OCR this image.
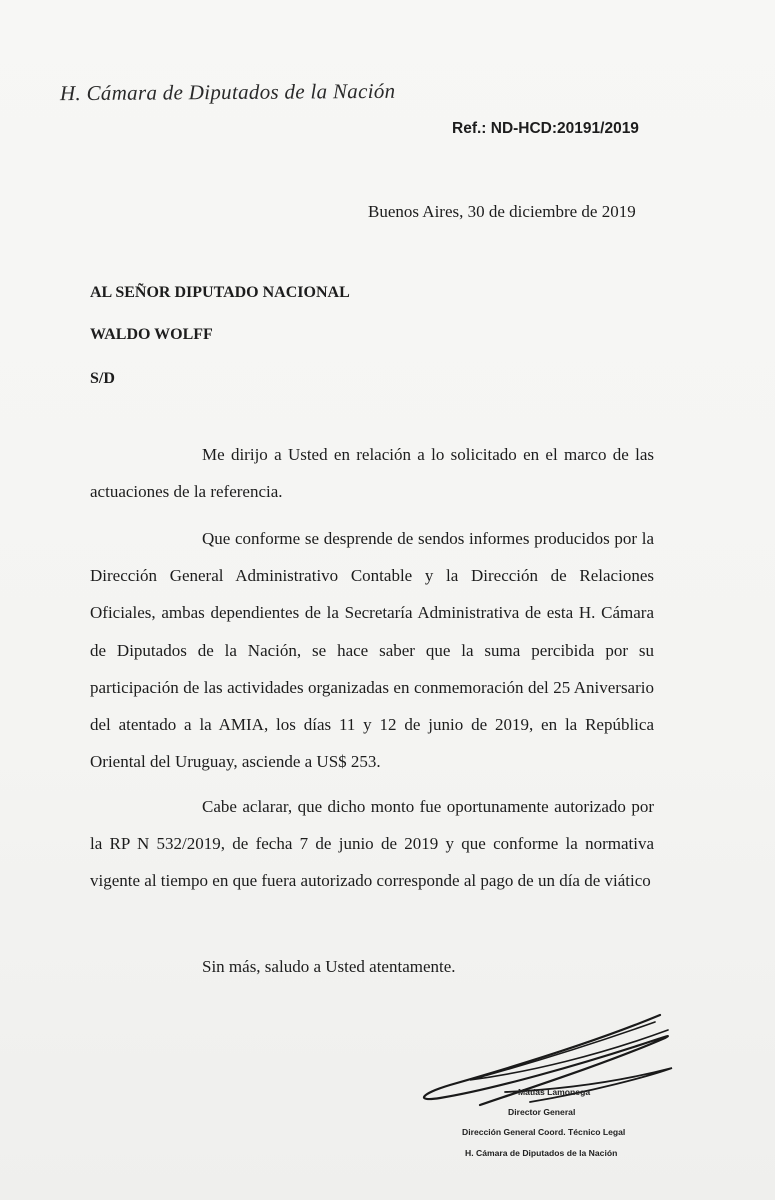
H. Cámara de Diputados de la Nación
Ref.: ND-HCD:20191/2019
Buenos Aires, 30 de diciembre de 2019
AL SEÑOR DIPUTADO NACIONAL
WALDO WOLFF
S/D
Me dirijo a Usted en relación a lo solicitado en el marco de las actuaciones de la referencia.
Que conforme se desprende de sendos informes producidos por la Dirección General Administrativo Contable y la Dirección de Relaciones Oficiales, ambas dependientes de la Secretaría Administrativa de esta H. Cámara de Diputados de la Nación, se hace saber que la suma percibida por su participación de las actividades organizadas en conmemoración del 25 Aniversario del atentado a la AMIA, los días 11 y 12 de junio de 2019, en la República Oriental del Uruguay, asciende a US$ 253.
Cabe aclarar, que dicho monto fue oportunamente autorizado por la RP N 532/2019, de fecha 7 de junio de 2019 y que conforme la normativa vigente al tiempo en que fuera autorizado corresponde al pago de un día de viático
Sin más, saludo a Usted atentamente.
Matías Lamonega
Director General
Dirección General Coord. Técnico Legal
H. Cámara de Diputados de la Nación
